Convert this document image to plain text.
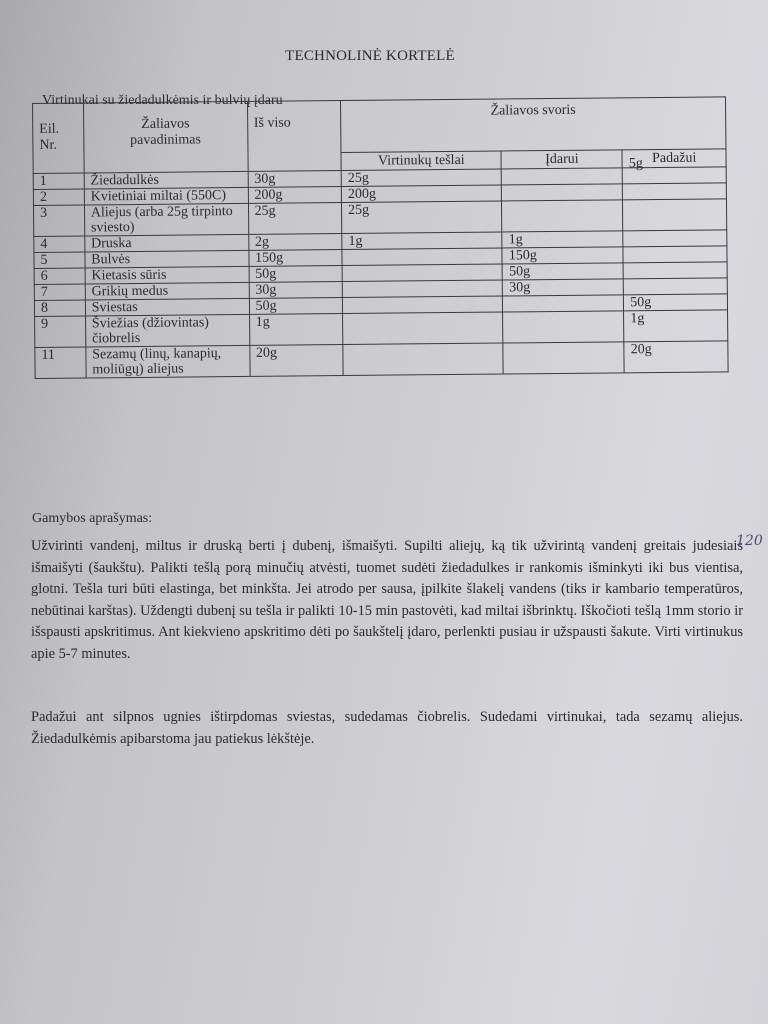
TECHNOLINĖ KORTELĖ
Virtinukai su žiedadulkėmis ir bulvių įdaru
Eil. Nr.	Žaliavos pavadinimas	Iš viso	Žaliavos svoris		
			Virtinukų tešlai	Įdarui	Padažui
1	Žiedadulkės	30g	25g		5g
2	Kvietiniai miltai (550C)	200g	200g		
3	Aliejus (arba 25g tirpinto sviesto)	25g	25g		
4	Druska	2g	1g	1g	
5	Bulvės	150g		150g	
6	Kietasis sūris	50g		50g	
7	Grikių medus	30g		30g	
8	Sviestas	50g			50g
9	Šviežias (džiovintas) čiobrelis	1g			1g
11	Sezamų (linų, kanapių, moliūgų) aliejus	20g			20g
Gamybos aprašymas:

Užvirinti vandenį, miltus ir druską berti į dubenį, išmaišyti. Supilti aliejų, ką tik užvirintą vandenį greitais judesiais išmaišyti (šaukštu). Palikti tešlą porą minučių atvėsti, tuomet sudėti žiedadulkes ir rankomis išminkyti iki bus vientisa, glotni. Tešla turi būti elastinga, bet minkšta. Jei atrodo per sausa, įpilkite šlakelį vandens (tiks ir kambario temperatūros, nebūtinai karštas). Uždengti dubenį su tešla ir palikti 10-15 min pastovėti, kad miltai išbrinktų. Iškočioti tešlą 1mm storio ir išspausti apskritimus. Ant kiekvieno apskritimo dėti po šaukštelį įdaro, perlenkti pusiau ir užspausti šakute. Virti virtinukus apie 5-7 minutes.

Padažui ant silpnos ugnies ištirpdomas sviestas, sudedamas čiobrelis. Sudedami virtinukai, tada sezamų aliejus. Žiedadulkėmis apibarstoma jau patiekus lėkštėje.

120
